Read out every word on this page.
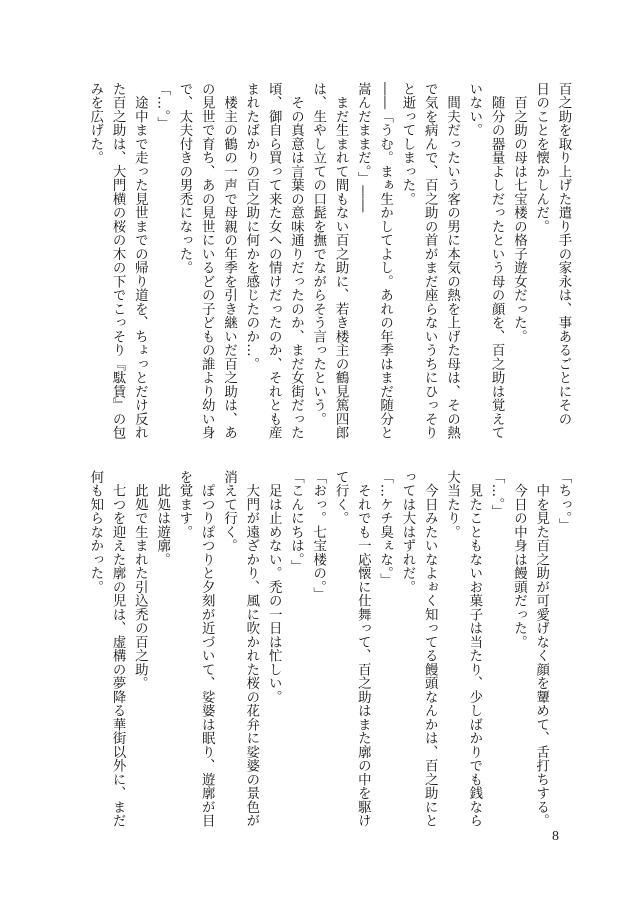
百之助を取り上げた遣り手の家永は、事あるごとにその
日のことを懐かしんだ。
　百之助の母は七宝楼の格子遊女だった。
　随分の器量よしだったという母の顔を、百之助は覚えて
いない。
　間夫だったいう客の男に本気の熱を上げた母は、その熱
で気を病んで、百之助の首がまだ座らないうちにひっそり
と逝ってしまった。
――「うむ。まぁ生かしてよし。あれの年季はまだ随分と
嵩んだままだ。」――
　まだ生まれて間もない百之助に、若き楼主の鶴見篤四郎
は、生やし立ての口髭を撫でながらそう言ったという。
　その真意は言葉の意味通りだったのか、まだ女街だった
頃、御自ら買って来た女への情けだったのか、それとも産
まれたばかりの百之助に何かを感じたのか…。
　楼主の鶴の一声で母親の年季を引き継いだ百之助は、あ
の見世で育ち、あの見世にいるどの子どもの誰より幼い身
で、太夫付きの男禿になった。
「…。」
　途中まで走った見世までの帰り道を、ちょっとだけ反れ
た百之助は、大門横の桜の木の下でこっそり『駄賃』の包
みを広げた。
「ちっ。」
　中を見た百之助が可愛げなく顔を顰めて、舌打ちする。
　今日の中身は饅頭だった。
「…。」
　見たこともないお菓子は当たり、少しばかりでも銭なら
大当たり。
　今日みたいなよぉく知ってる饅頭なんかは、百之助にと
っては大はずれだ。
「…ケチ臭ぇな。」
　それでも一応懐に仕舞って、百之助はまた廓の中を駆け
て行く。
「おっ。七宝楼の。」
「こんにちは。」
　足は止めない。禿の一日は忙しい。
　大門が遠ざかり、風に吹かれた桜の花弁に娑婆の景色が
消えて行く。
　ぽつりぽつりと夕刻が近づいて、娑婆は眠り、遊廓が目
を覚ます。
　此処は遊廓。
　此処で生まれた引込禿の百之助。
　七つを迎えた廓の児は、虚構の夢降る華街以外に、まだ
何も知らなかった。
8
